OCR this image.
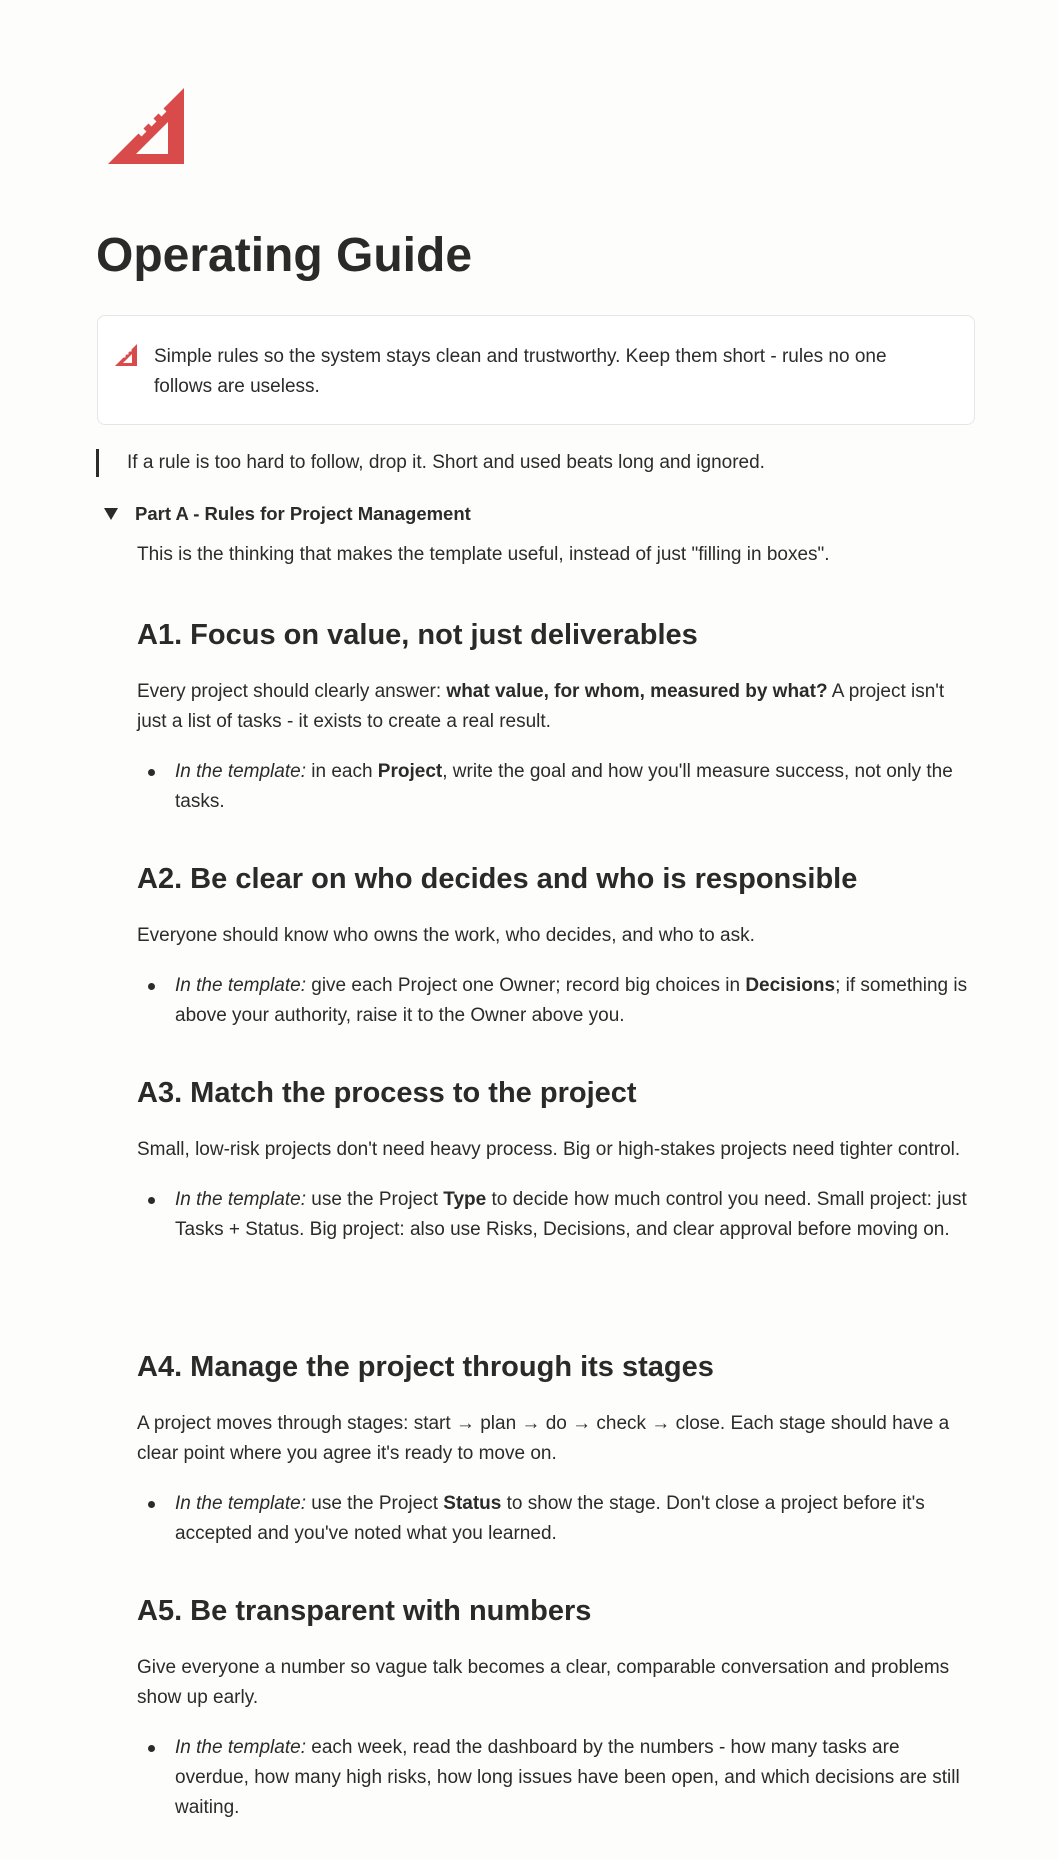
Operating Guide
Simple rules so the system stays clean and trustworthy. Keep them short - rules no one follows are useless.
If a rule is too hard to follow, drop it. Short and used beats long and ignored.
Part A - Rules for Project Management
This is the thinking that makes the template useful, instead of just "filling in boxes".
A1. Focus on value, not just deliverables

Every project should clearly answer: what value, for whom, measured by what? A project isn't just a list of tasks - it exists to create a real result.

In the template: in each Project, write the goal and how you'll measure success, not only the tasks.
A2. Be clear on who decides and who is responsible

Everyone should know who owns the work, who decides, and who to ask.

In the template: give each Project one Owner; record big choices in Decisions; if something is above your authority, raise it to the Owner above you.
A3. Match the process to the project

Small, low-risk projects don't need heavy process. Big or high-stakes projects need tighter control.

In the template: use the Project Type to decide how much control you need. Small project: just Tasks + Status. Big project: also use Risks, Decisions, and clear approval before moving on.
A4. Manage the project through its stages

A project moves through stages: start → plan → do → check → close. Each stage should have a clear point where you agree it's ready to move on.

In the template: use the Project Status to show the stage. Don't close a project before it's accepted and you've noted what you learned.
A5. Be transparent with numbers

Give everyone a number so vague talk becomes a clear, comparable conversation and problems show up early.

In the template: each week, read the dashboard by the numbers - how many tasks are overdue, how many high risks, how long issues have been open, and which decisions are still waiting.
